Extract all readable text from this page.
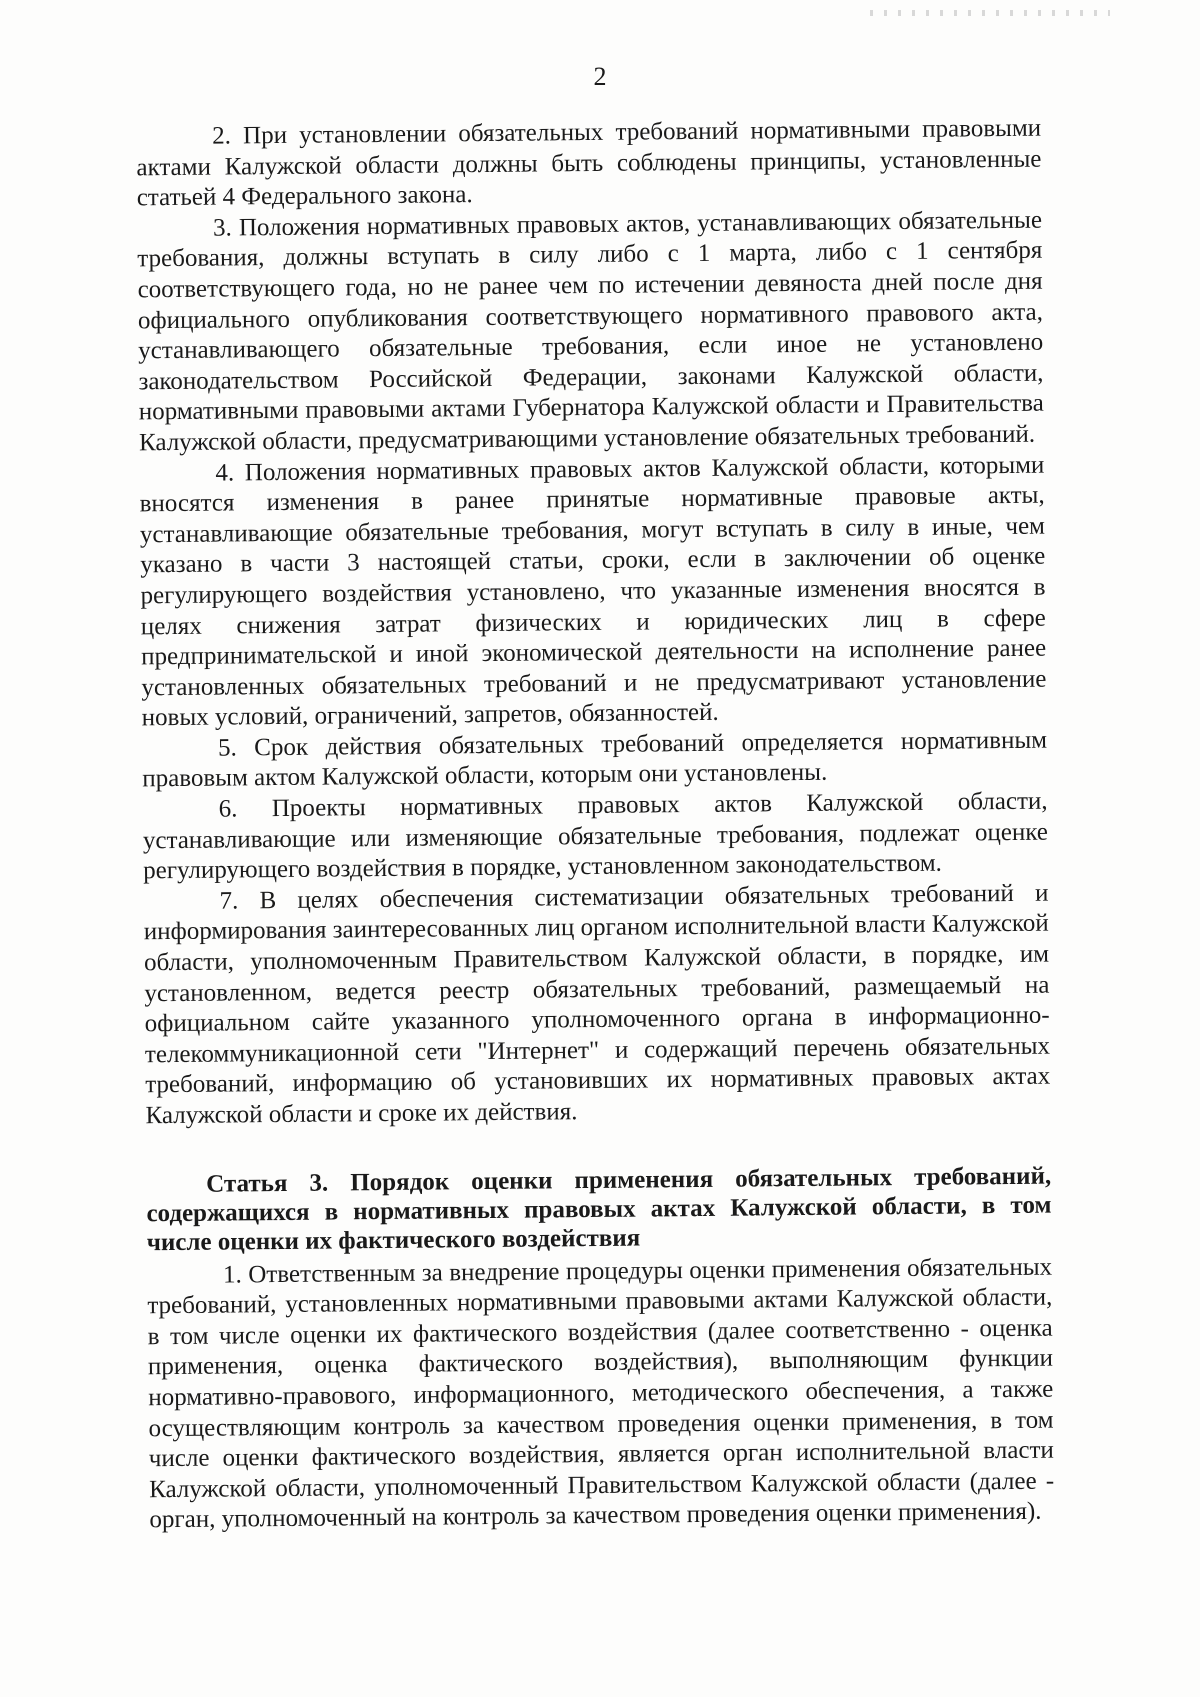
2

2. При установлении обязательных требований нормативными правовыми актами Калужской области должны быть соблюдены принципы, установленные статьей 4 Федерального закона.

3. Положения нормативных правовых актов, устанавливающих обязательные требования, должны вступать в силу либо с 1 марта, либо с 1 сентября соответствующего года, но не ранее чем по истечении девяноста дней после дня официального опубликования соответствующего нормативного правового акта, устанавливающего обязательные требования, если иное не установлено законодательством Российской Федерации, законами Калужской области, нормативными правовыми актами Губернатора Калужской области и Правительства Калужской области, предусматривающими установление обязательных требований.

4. Положения нормативных правовых актов Калужской области, которыми вносятся изменения в ранее принятые нормативные правовые акты, устанавливающие обязательные требования, могут вступать в силу в иные, чем указано в части 3 настоящей статьи, сроки, если в заключении об оценке регулирующего воздействия установлено, что указанные изменения вносятся в целях снижения затрат физических и юридических лиц в сфере предпринимательской и иной экономической деятельности на исполнение ранее установленных обязательных требований и не предусматривают установление новых условий, ограничений, запретов, обязанностей.

5. Срок действия обязательных требований определяется нормативным правовым актом Калужской области, которым они установлены.

6. Проекты нормативных правовых актов Калужской области, устанавливающие или изменяющие обязательные требования, подлежат оценке регулирующего воздействия в порядке, установленном законодательством.

7. В целях обеспечения систематизации обязательных требований и информирования заинтересованных лиц органом исполнительной власти Калужской области, уполномоченным Правительством Калужской области, в порядке, им установленном, ведется реестр обязательных требований, размещаемый на официальном сайте указанного уполномоченного органа в информационно-телекоммуникационной сети "Интернет" и содержащий перечень обязательных требований, информацию об установивших их нормативных правовых актах Калужской области и сроке их действия.

Статья 3. Порядок оценки применения обязательных требований, содержащихся в нормативных правовых актах Калужской области, в том числе оценки их фактического воздействия

1. Ответственным за внедрение процедуры оценки применения обязательных требований, установленных нормативными правовыми актами Калужской области, в том числе оценки их фактического воздействия (далее соответственно - оценка применения, оценка фактического воздействия), выполняющим функции нормативно-правового, информационного, методического обеспечения, а также осуществляющим контроль за качеством проведения оценки применения, в том числе оценки фактического воздействия, является орган исполнительной власти Калужской области, уполномоченный Правительством Калужской области (далее - орган, уполномоченный на контроль за качеством проведения оценки применения).
